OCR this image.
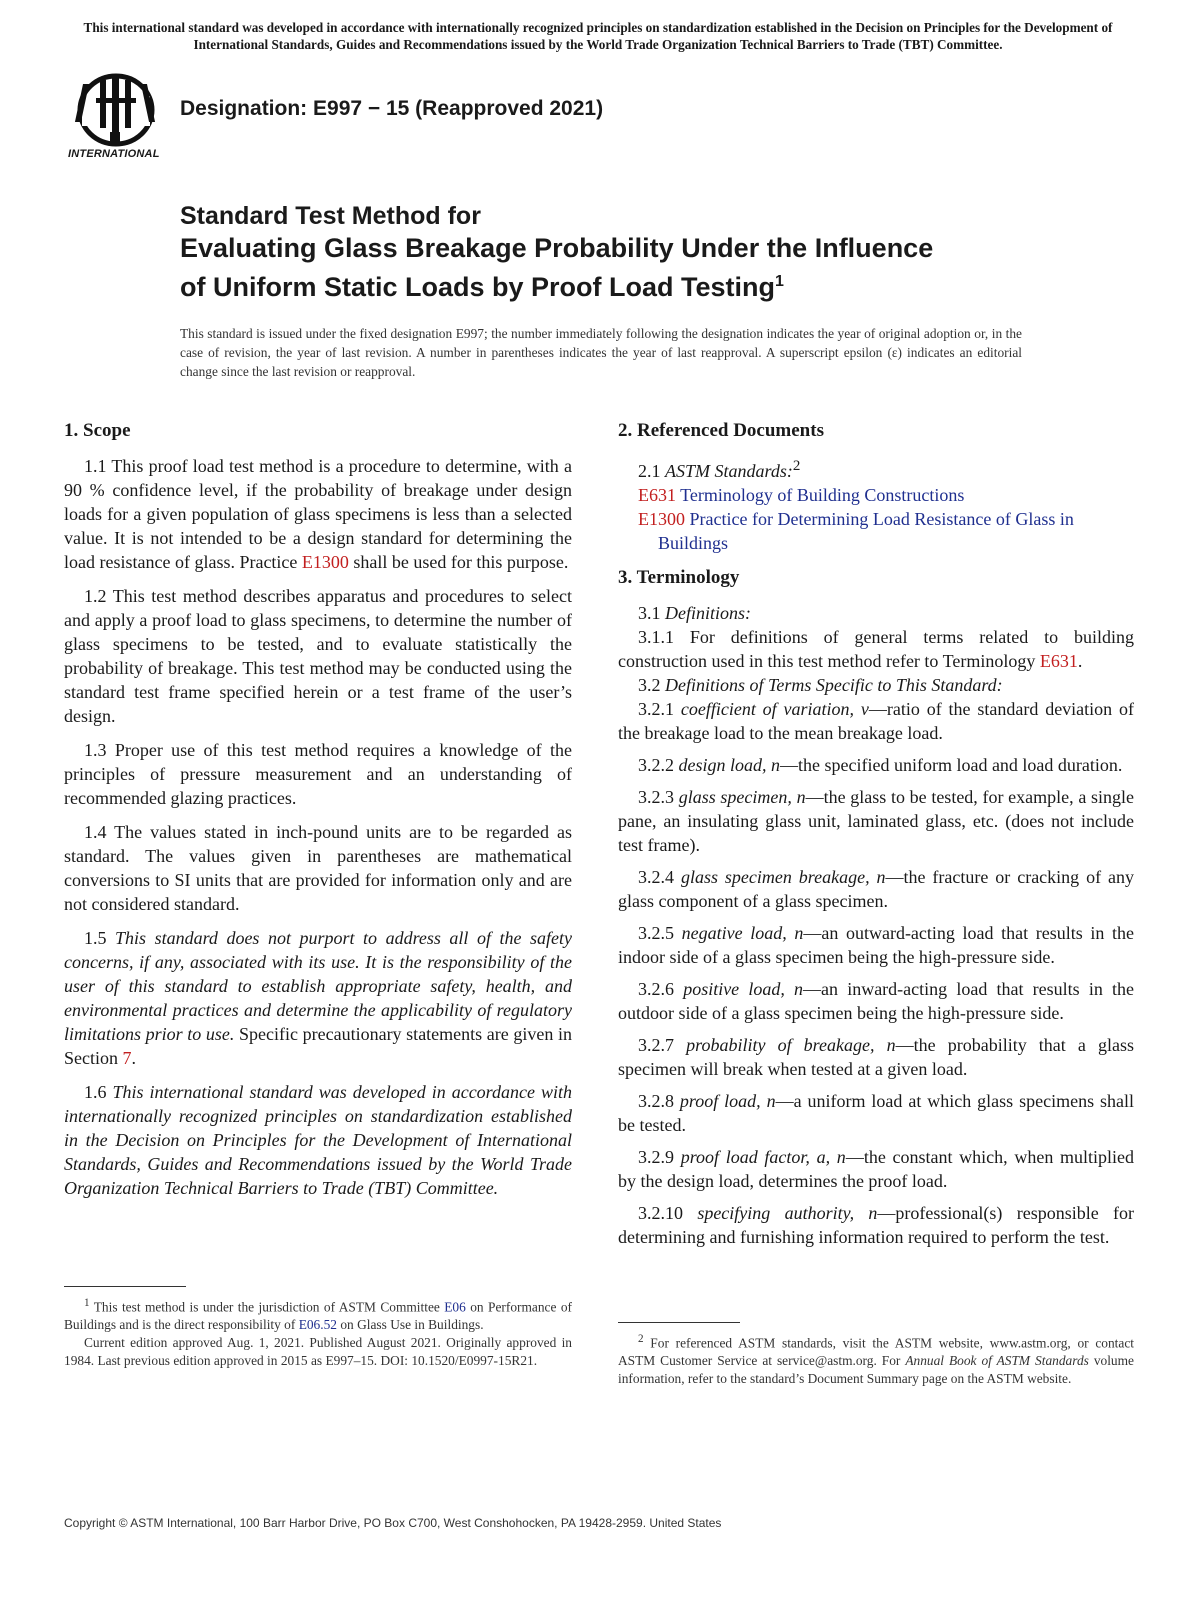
This international standard was developed in accordance with internationally recognized principles on standardization established in the Decision on Principles for the Development of International Standards, Guides and Recommendations issued by the World Trade Organization Technical Barriers to Trade (TBT) Committee.
INTERNATIONAL
Designation: E997 − 15 (Reapproved 2021)
Standard Test Method for
Evaluating Glass Breakage Probability Under the Influence
of Uniform Static Loads by Proof Load Testing$^1$
This standard is issued under the fixed designation E997; the number immediately following the designation indicates the year of original adoption or, in the case of revision, the year of last revision. A number in parentheses indicates the year of last reapproval. A superscript epsilon (ε) indicates an editorial change since the last revision or reapproval.
1. Scope

1.1 This proof load test method is a procedure to determine, with a 90 % confidence level, if the probability of breakage under design loads for a given population of glass specimens is less than a selected value. It is not intended to be a design standard for determining the load resistance of glass. Practice E1300 shall be used for this purpose.

1.2 This test method describes apparatus and procedures to select and apply a proof load to glass specimens, to determine the number of glass specimens to be tested, and to evaluate statistically the probability of breakage. This test method may be conducted using the standard test frame specified herein or a test frame of the user’s design.

1.3 Proper use of this test method requires a knowledge of the principles of pressure measurement and an understanding of recommended glazing practices.

1.4 The values stated in inch-pound units are to be regarded as standard. The values given in parentheses are mathematical conversions to SI units that are provided for information only and are not considered standard.

1.5 This standard does not purport to address all of the safety concerns, if any, associated with its use. It is the responsibility of the user of this standard to establish appropriate safety, health, and environmental practices and determine the applicability of regulatory limitations prior to use. Specific precautionary statements are given in Section 7.

1.6 This international standard was developed in accordance with internationally recognized principles on standardization established in the Decision on Principles for the Development of International Standards, Guides and Recommendations issued by the World Trade Organization Technical Barriers to Trade (TBT) Committee.

2. Referenced Documents

2.1 ASTM Standards:$^2$

E631 Terminology of Building Constructions

E1300 Practice for Determining Load Resistance of Glass in Buildings

3. Terminology

3.1 Definitions:

3.1.1 For definitions of general terms related to building construction used in this test method refer to Terminology E631.

3.2 Definitions of Terms Specific to This Standard:

3.2.1 coefficient of variation, v—ratio of the standard deviation of the breakage load to the mean breakage load.

3.2.2 design load, n—the specified uniform load and load duration.

3.2.3 glass specimen, n—the glass to be tested, for example, a single pane, an insulating glass unit, laminated glass, etc. (does not include test frame).

3.2.4 glass specimen breakage, n—the fracture or cracking of any glass component of a glass specimen.

3.2.5 negative load, n—an outward-acting load that results in the indoor side of a glass specimen being the high-pressure side.

3.2.6 positive load, n—an inward-acting load that results in the outdoor side of a glass specimen being the high-pressure side.

3.2.7 probability of breakage, n—the probability that a glass specimen will break when tested at a given load.

3.2.8 proof load, n—a uniform load at which glass specimens shall be tested.

3.2.9 proof load factor, a, n—the constant which, when multiplied by the design load, determines the proof load.

3.2.10 specifying authority, n—professional(s) responsible for determining and furnishing information required to perform the test.

$^1$ This test method is under the jurisdiction of ASTM Committee E06 on Performance of Buildings and is the direct responsibility of E06.52 on Glass Use in Buildings.

Current edition approved Aug. 1, 2021. Published August 2021. Originally approved in 1984. Last previous edition approved in 2015 as E997–15. DOI: 10.1520/E0997-15R21.

$^2$ For referenced ASTM standards, visit the ASTM website, www.astm.org, or contact ASTM Customer Service at service@astm.org. For Annual Book of ASTM Standards volume information, refer to the standard’s Document Summary page on the ASTM website.

Copyright © ASTM International, 100 Barr Harbor Drive, PO Box C700, West Conshohocken, PA 19428-2959. United States
